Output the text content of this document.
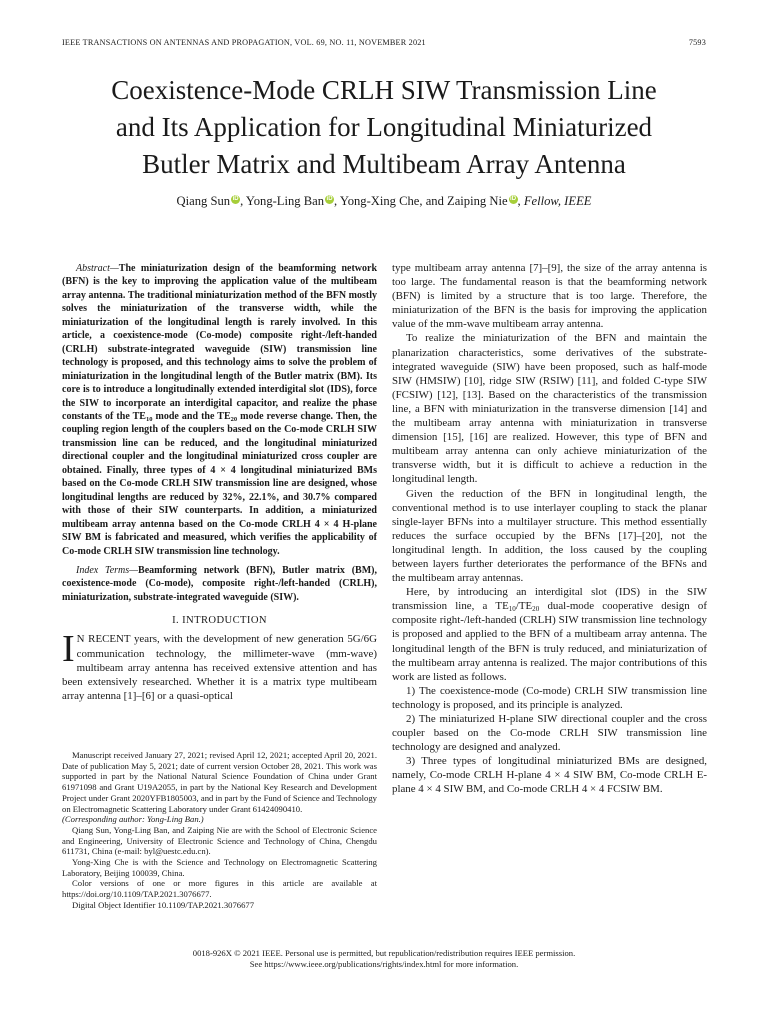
IEEE TRANSACTIONS ON ANTENNAS AND PROPAGATION, VOL. 69, NO. 11, NOVEMBER 2021	7593
Coexistence-Mode CRLH SIW Transmission Line
and Its Application for Longitudinal Miniaturized
Butler Matrix and Multibeam Array Antenna
Qiang Sun iD , Yong-Ling Ban iD , Yong-Xing Che, and Zaiping Nie iD , Fellow, IEEE

Abstract—The miniaturization design of the beamforming network (BFN) is the key to improving the application value of the multibeam array antenna. The traditional miniaturization method of the BFN mostly solves the miniaturization of the transverse width, while the miniaturization of the longitudinal length is rarely involved. In this article, a coexistence-mode (Co-mode) composite right-/left-handed (CRLH) substrate-integrated waveguide (SIW) transmission line technology is proposed, and this technology aims to solve the problem of miniaturization in the longitudinal length of the Butler matrix (BM). Its core is to introduce a longitudinally extended interdigital slot (IDS), force the SIW to incorporate an interdigital capacitor, and realize the phase constants of the $TE_{10}$ mode and the $TE_{20}$ mode reverse change. Then, the coupling region length of the couplers based on the Co-mode CRLH SIW transmission line can be reduced, and the longitudinal miniaturized directional coupler and the longitudinal miniaturized cross coupler are obtained. Finally, three types of 4 × 4 longitudinal miniaturized BMs based on the Co-mode CRLH SIW transmission line are designed, whose longitudinal lengths are reduced by 32%, 22.1%, and 30.7% compared with those of their SIW counterparts. In addition, a miniaturized multibeam array antenna based on the Co-mode CRLH 4 × 4 H-plane SIW BM is fabricated and measured, which verifies the applicability of Co-mode CRLH SIW transmission line technology.

Index Terms—Beamforming network (BFN), Butler matrix (BM), coexistence-mode (Co-mode), composite right-/left-handed (CRLH), miniaturization, substrate-integrated waveguide (SIW).

I. INTRODUCTION

I N RECENT years, with the development of new generation 5G/6G communication technology, the millimeter-wave (mm-wave) multibeam array antenna has received extensive attention and has been extensively researched. Whether it is a matrix type multibeam array antenna [1]–[6] or a quasi-optical

Manuscript received January 27, 2021; revised April 12, 2021; accepted April 20, 2021. Date of publication May 5, 2021; date of current version October 28, 2021. This work was supported in part by the National Natural Science Foundation of China under Grant 61971098 and Grant U19A2055, in part by the National Key Research and Development Project under Grant 2020YFB1805003, and in part by the Fund of Science and Technology on Electromagnetic Scattering Laboratory under Grant 61424090410.

(Corresponding author: Yong-Ling Ban.)

Qiang Sun, Yong-Ling Ban, and Zaiping Nie are with the School of Electronic Science and Engineering, University of Electronic Science and Technology of China, Chengdu 611731, China (e-mail: byl@uestc.edu.cn).

Yong-Xing Che is with the Science and Technology on Electromagnetic Scattering Laboratory, Beijing 100039, China.

Color versions of one or more figures in this article are available at https://doi.org/10.1109/TAP.2021.3076677.

Digital Object Identifier 10.1109/TAP.2021.3076677

type multibeam array antenna [7]–[9], the size of the array antenna is too large. The fundamental reason is that the beamforming network (BFN) is limited by a structure that is too large. Therefore, the miniaturization of the BFN is the basis for improving the application value of the mm-wave multibeam array antenna.

To realize the miniaturization of the BFN and maintain the planarization characteristics, some derivatives of the substrate-integrated waveguide (SIW) have been proposed, such as half-mode SIW (HMSIW) [10], ridge SIW (RSIW) [11], and folded C-type SIW (FCSIW) [12], [13]. Based on the characteristics of the transmission line, a BFN with miniaturization in the transverse dimension [14] and the multibeam array antenna with miniaturization in transverse dimension [15], [16] are realized. However, this type of BFN and multibeam array antenna can only achieve miniaturization of the transverse width, but it is difficult to achieve a reduction in the longitudinal length.

Given the reduction of the BFN in longitudinal length, the conventional method is to use interlayer coupling to stack the planar single-layer BFNs into a multilayer structure. This method essentially reduces the surface occupied by the BFNs [17]–[20], not the longitudinal length. In addition, the loss caused by the coupling between layers further deteriorates the performance of the BFNs and the multibeam array antennas.

Here, by introducing an interdigital slot (IDS) in the SIW transmission line, a $TE_{10}/TE_{20}$ dual-mode cooperative design of composite right-/left-handed (CRLH) SIW transmission line technology is proposed and applied to the BFN of a multibeam array antenna. The longitudinal length of the BFN is truly reduced, and miniaturization of the multibeam array antenna is realized. The major contributions of this work are listed as follows.

1) The coexistence-mode (Co-mode) CRLH SIW transmission line technology is proposed, and its principle is analyzed.

2) The miniaturized H-plane SIW directional coupler and the cross coupler based on the Co-mode CRLH SIW transmission line technology are designed and analyzed.

3) Three types of longitudinal miniaturized BMs are designed, namely, Co-mode CRLH H-plane 4 × 4 SIW BM, Co-mode CRLH E-plane 4 × 4 SIW BM, and Co-mode CRLH 4 × 4 FCSIW BM.

0018-926X © 2021 IEEE. Personal use is permitted, but republication/redistribution requires IEEE permission.
See https://www.ieee.org/publications/rights/index.html for more information.
